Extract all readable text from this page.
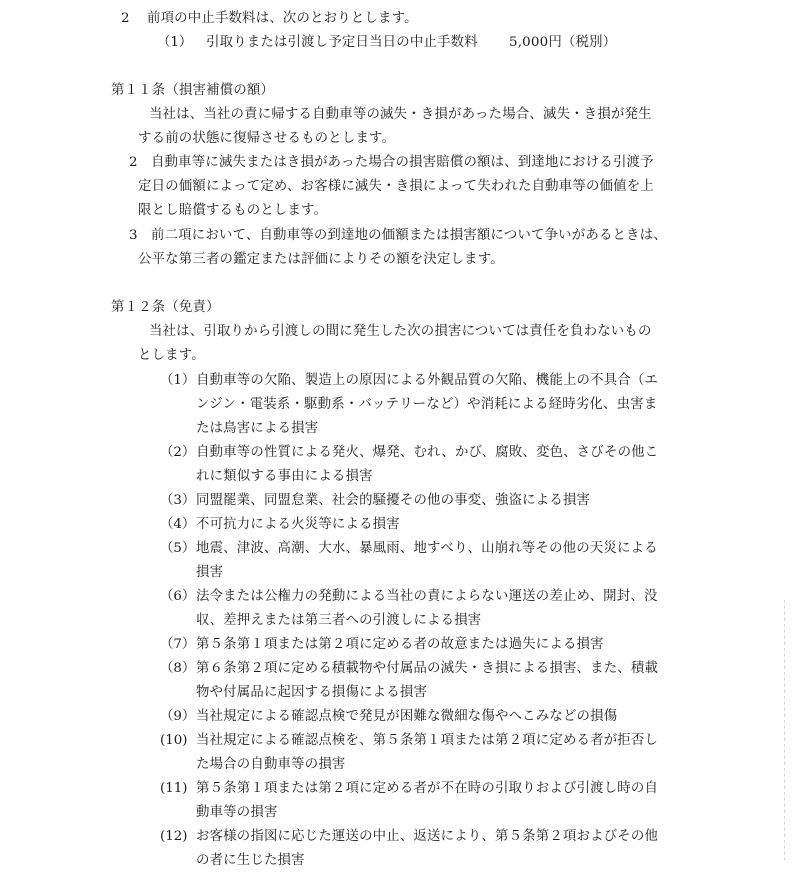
2 前項の中止手数料は、次のとおりとします。
（1） 引取りまたは引渡し予定日当日の中止手数料 5,000円（税別）
第１１条（損害補償の額）
当社は、当社の責に帰する自動車等の滅失・き損があった場合、滅失・き損が発生
する前の状態に復帰させるものとします。
2 自動車等に滅失またはき損があった場合の損害賠償の額は、到達地における引渡予
定日の価額によって定め、お客様に滅失・き損によって失われた自動車等の価値を上
限とし賠償するものとします。
3 前二項において、自動車等の到達地の価額または損害額について争いがあるときは、
公平な第三者の鑑定または評価によりその額を決定します。
第１２条（免責）
当社は、引取りから引渡しの間に発生した次の損害については責任を負わないもの
とします。
（1） 自動車等の欠陥、製造上の原因による外観品質の欠陥、機能上の不具合（エ
ンジン・電装系・駆動系・バッテリーなど）や消耗による経時劣化、虫害ま
たは鳥害による損害
（2） 自動車等の性質による発火、爆発、むれ、かび、腐敗、変色、さびその他こ
れに類似する事由による損害
（3） 同盟罷業、同盟怠業、社会的騒擾その他の事変、強盗による損害
（4） 不可抗力による火災等による損害
（5） 地震、津波、高潮、大水、暴風雨、地すべり、山崩れ等その他の天災による
損害
（6） 法令または公権力の発動による当社の責によらない運送の差止め、開封、没
収、差押えまたは第三者への引渡しによる損害
（7） 第５条第１項または第２項に定める者の故意または過失による損害
（8） 第６条第２項に定める積載物や付属品の滅失・き損による損害、また、積載
物や付属品に起因する損傷による損害
（9） 当社規定による確認点検で発見が困難な微細な傷やへこみなどの損傷
(10) 当社規定による確認点検を、第５条第１項または第２項に定める者が拒否し
た場合の自動車等の損害
(11) 第５条第１項または第２項に定める者が不在時の引取りおよび引渡し時の自
動車等の損害
(12) お客様の指図に応じた運送の中止、返送により、第５条第２項およびその他
の者に生じた損害
